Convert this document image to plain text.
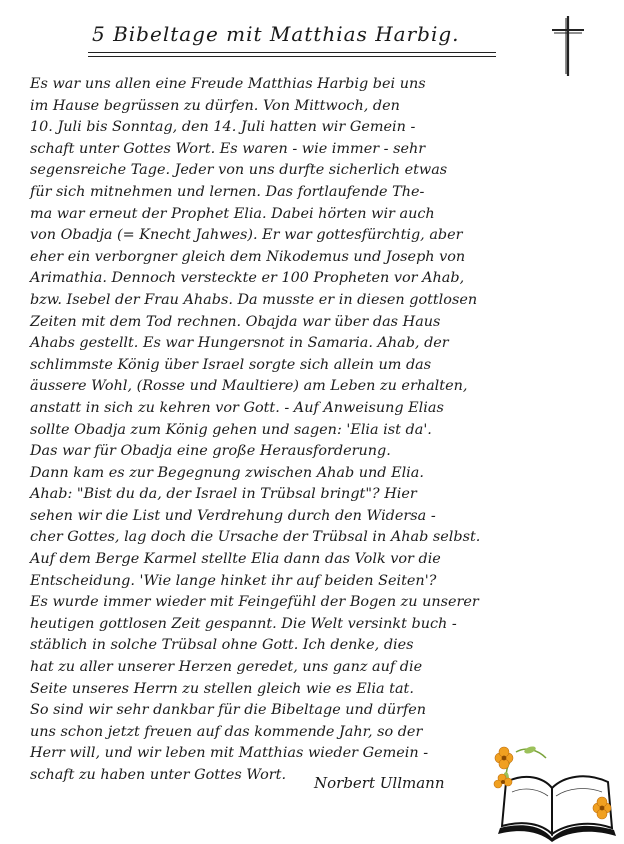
5 Bibeltage mit Matthias Harbig.
Es war uns allen eine Freude Matthias Harbig bei uns
im Hause begrüssen zu dürfen. Von Mittwoch, den
10. Juli bis Sonntag, den 14. Juli hatten wir Gemein -
schaft unter Gottes Wort. Es waren - wie immer - sehr
segensreiche Tage. Jeder von uns durfte sicherlich etwas
für sich mitnehmen und lernen. Das fortlaufende The-
ma war erneut der Prophet Elia. Dabei hörten wir auch
von Obadja (= Knecht Jahwes). Er war gottesfürchtig, aber
eher ein verborgner gleich dem Nikodemus und Joseph von
Arimathia. Dennoch versteckte er 100 Propheten vor Ahab,
bzw. Isebel der Frau Ahabs. Da musste er in diesen gottlosen
Zeiten mit dem Tod rechnen. Obajda war über das Haus
Ahabs gestellt. Es war Hungersnot in Samaria. Ahab, der
schlimmste König über Israel sorgte sich allein um das
äussere Wohl, (Rosse und Maultiere) am Leben zu erhalten,
anstatt in sich zu kehren vor Gott. - Auf Anweisung Elias
sollte Obadja zum König gehen und sagen: 'Elia ist da'.
Das war für Obadja eine große Herausforderung.
Dann kam es zur Begegnung zwischen Ahab und Elia.
Ahab: "Bist du da, der Israel in Trübsal bringt"? Hier
sehen wir die List und Verdrehung durch den Widersa -
cher Gottes, lag doch die Ursache der Trübsal in Ahab selbst.
Auf dem Berge Karmel stellte Elia dann das Volk vor die
Entscheidung. 'Wie lange hinket ihr auf beiden Seiten'?
Es wurde immer wieder mit Feingefühl der Bogen zu unserer
heutigen gottlosen Zeit gespannt. Die Welt versinkt buch -
stäblich in solche Trübsal ohne Gott. Ich denke, dies
hat zu aller unserer Herzen geredet, uns ganz auf die
Seite unseres Herrn zu stellen gleich wie es Elia tat.
So sind wir sehr dankbar für die Bibeltage und dürfen
uns schon jetzt freuen auf das kommende Jahr, so der
Herr will, und wir leben mit Matthias wieder Gemein -
schaft zu haben unter Gottes Wort.	Norbert Ullmann
